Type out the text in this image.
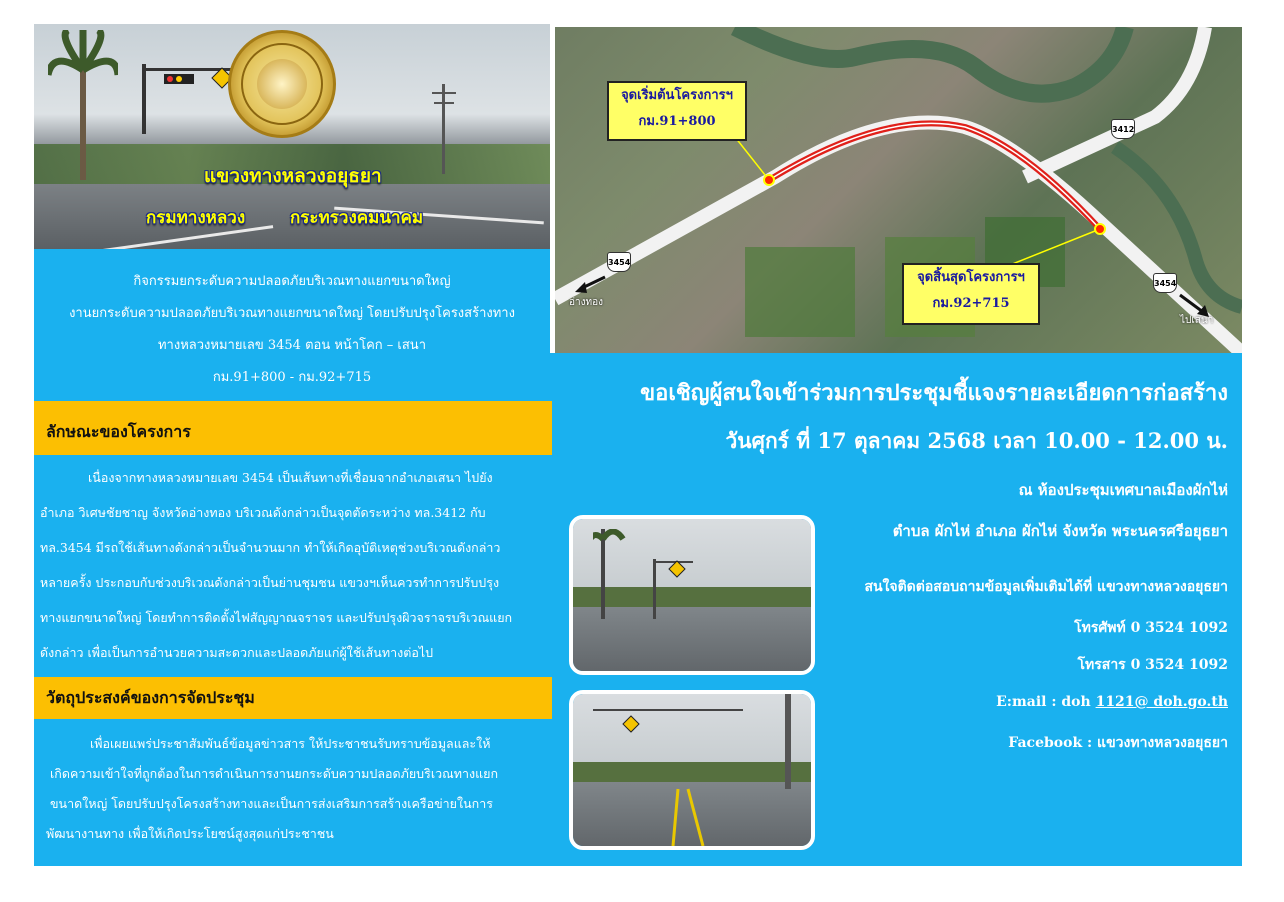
แขวงทางหลวงอยุธยา
กรมทางหลวง	กระทรวงคมนาคม
จุดเริ่มต้นโครงการฯ
กม.91+800
จุดสิ้นสุดโครงการฯ
กม.92+715
3454
3454
3412
อ่างทอง
ไปเสนา
กิจกรรมยกระดับความปลอดภัยบริเวณทางแยกขนาดใหญ่
งานยกระดับความปลอดภัยบริเวณทางแยกขนาดใหญ่ โดยปรับปรุงโครงสร้างทาง
ทางหลวงหมายเลข 3454 ตอน หน้าโคก – เสนา
กม.91+800 - กม.92+715
ลักษณะของโครงการ
เนื่องจากทางหลวงหมายเลข 3454 เป็นเส้นทางที่เชื่อมจากอำเภอเสนา ไปยัง
อำเภอ วิเศษชัยชาญ จังหวัดอ่างทอง บริเวณดังกล่าวเป็นจุดตัดระหว่าง ทล.3412 กับ
ทล.3454 มีรถใช้เส้นทางดังกล่าวเป็นจำนวนมาก ทำให้เกิดอุบัติเหตุช่วงบริเวณดังกล่าว
หลายครั้ง ประกอบกับช่วงบริเวณดังกล่าวเป็นย่านชุมชน แขวงฯเห็นควรทำการปรับปรุง
ทางแยกขนาดใหญ่ โดยทำการติดตั้งไฟสัญญาณจราจร และปรับปรุงผิวจราจรบริเวณแยก
ดังกล่าว เพื่อเป็นการอำนวยความสะดวกและปลอดภัยแก่ผู้ใช้เส้นทางต่อไป
วัตถุประสงค์ของการจัดประชุม
เพื่อเผยแพร่ประชาสัมพันธ์ข้อมูลข่าวสาร ให้ประชาชนรับทราบข้อมูลและให้
เกิดความเข้าใจที่ถูกต้องในการดำเนินการงานยกระดับความปลอดภัยบริเวณทางแยก
ขนาดใหญ่ โดยปรับปรุงโครงสร้างทางและเป็นการส่งเสริมการสร้างเครือข่ายในการ
พัฒนางานทาง เพื่อให้เกิดประโยชน์สูงสุดแก่ประชาชน
ขอเชิญผู้สนใจเข้าร่วมการประชุมชี้แจงรายละเอียดการก่อสร้าง
วันศุกร์ ที่ 17 ตุลาคม 2568 เวลา 10.00 - 12.00 น.
ณ ห้องประชุมเทศบาลเมืองผักไห่
ตำบล ผักไห่ อำเภอ ผักไห่ จังหวัด พระนครศรีอยุธยา
สนใจติดต่อสอบถามข้อมูลเพิ่มเติมได้ที่ แขวงทางหลวงอยุธยา
โทรศัพท์ 0 3524 1092
โทรสาร 0 3524 1092
E:mail : doh 1121@ doh.go.th
Facebook : แขวงทางหลวงอยุธยา
